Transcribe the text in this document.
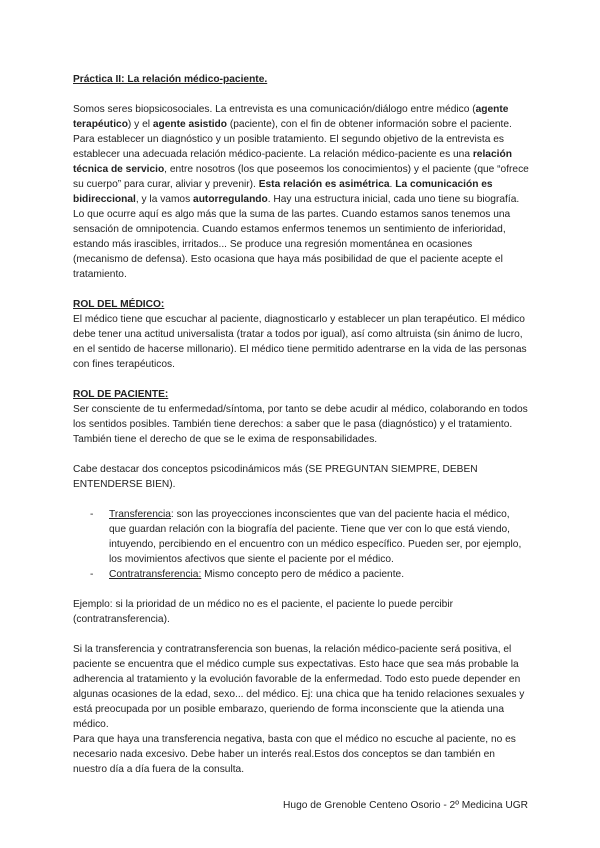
Práctica II: La relación médico-paciente.

Somos seres biopsicosociales. La entrevista es una comunicación/diálogo entre médico (agente terapéutico) y el agente asistido (paciente), con el fin de obtener información sobre el paciente. Para establecer un diagnóstico y un posible tratamiento. El segundo objetivo de la entrevista es establecer una adecuada relación médico-paciente. La relación médico-paciente es una relación técnica de servicio, entre nosotros (los que poseemos los conocimientos) y el paciente (que “ofrece su cuerpo” para curar, aliviar y prevenir). Esta relación es asimétrica. La comunicación es bidireccional, y la vamos autorregulando. Hay una estructura inicial, cada uno tiene su biografía. Lo que ocurre aquí es algo más que la suma de las partes. Cuando estamos sanos tenemos una sensación de omnipotencia. Cuando estamos enfermos tenemos un sentimiento de inferioridad, estando más irascibles, irritados... Se produce una regresión momentánea en ocasiones (mecanismo de defensa). Esto ocasiona que haya más posibilidad de que el paciente acepte el tratamiento.

ROL DEL MÉDICO:

El médico tiene que escuchar al paciente, diagnosticarlo y establecer un plan terapéutico. El médico debe tener una actitud universalista (tratar a todos por igual), así como altruista (sin ánimo de lucro, en el sentido de hacerse millonario). El médico tiene permitido adentrarse en la vida de las personas con fines terapéuticos.

ROL DE PACIENTE:

Ser consciente de tu enfermedad/síntoma, por tanto se debe acudir al médico, colaborando en todos los sentidos posibles. También tiene derechos: a saber que le pasa (diagnóstico) y el tratamiento. También tiene el derecho de que se le exima de responsabilidades.

Cabe destacar dos conceptos psicodinámicos más (SE PREGUNTAN SIEMPRE, DEBEN ENTENDERSE BIEN).

- Transferencia: son las proyecciones inconscientes que van del paciente hacia el médico, que guardan relación con la biografía del paciente. Tiene que ver con lo que está viendo, intuyendo, percibiendo en el encuentro con un médico específico. Pueden ser, por ejemplo, los movimientos afectivos que siente el paciente por el médico.
- Contratransferencia: Mismo concepto pero de médico a paciente.

Ejemplo: si la prioridad de un médico no es el paciente, el paciente lo puede percibir (contratransferencia).

Si la transferencia y contratransferencia son buenas, la relación médico-paciente será positiva, el paciente se encuentra que el médico cumple sus expectativas. Esto hace que sea más probable la adherencia al tratamiento y la evolución favorable de la enfermedad. Todo esto puede depender en algunas ocasiones de la edad, sexo... del médico. Ej: una chica que ha tenido relaciones sexuales y está preocupada por un posible embarazo, queriendo de forma inconsciente que la atienda una médico.

Para que haya una transferencia negativa, basta con que el médico no escuche al paciente, no es necesario nada excesivo. Debe haber un interés real.Estos dos conceptos se dan también en nuestro día a día fuera de la consulta.

Hugo de Grenoble Centeno Osorio - 2º Medicina UGR
